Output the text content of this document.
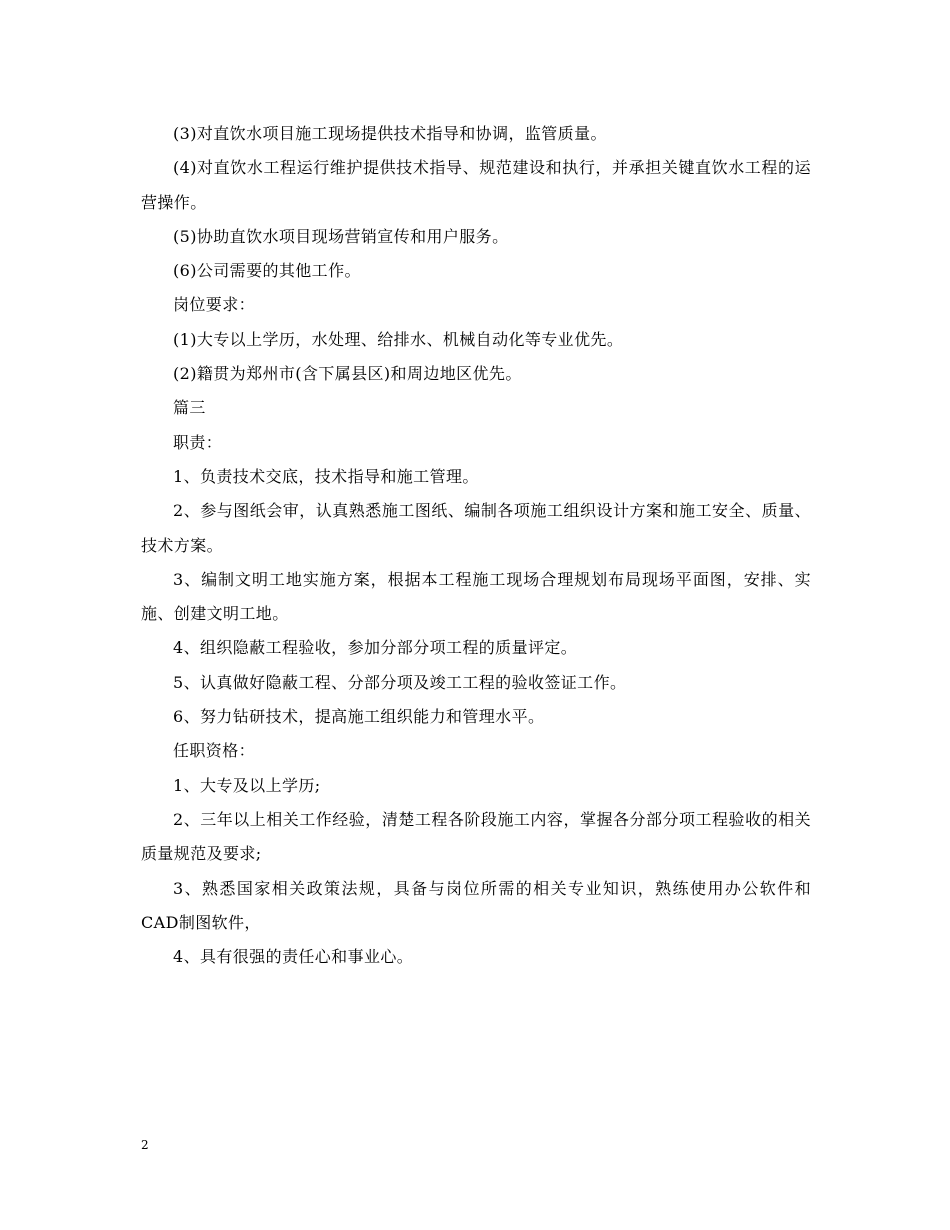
(3)对直饮水项目施工现场提供技术指导和协调，监管质量。

(4)对直饮水工程运行维护提供技术指导、规范建设和执行，并承担关键直饮水工程的运营操作。

(5)协助直饮水项目现场营销宣传和用户服务。

(6)公司需要的其他工作。

岗位要求：

(1)大专以上学历，水处理、给排水、机械自动化等专业优先。

(2)籍贯为郑州市(含下属县区)和周边地区优先。

篇三

职责：

1、负责技术交底，技术指导和施工管理。

2、参与图纸会审，认真熟悉施工图纸、编制各项施工组织设计方案和施工安全、质量、技术方案。

3、编制文明工地实施方案，根据本工程施工现场合理规划布局现场平面图，安排、实施、创建文明工地。

4、组织隐蔽工程验收，参加分部分项工程的质量评定。

5、认真做好隐蔽工程、分部分项及竣工工程的验收签证工作。

6、努力钻研技术，提高施工组织能力和管理水平。

任职资格：

1、大专及以上学历;

2、三年以上相关工作经验，清楚工程各阶段施工内容，掌握各分部分项工程验收的相关质量规范及要求;

3、熟悉国家相关政策法规，具备与岗位所需的相关专业知识，熟练使用办公软件和CAD制图软件，

4、具有很强的责任心和事业心。

2
